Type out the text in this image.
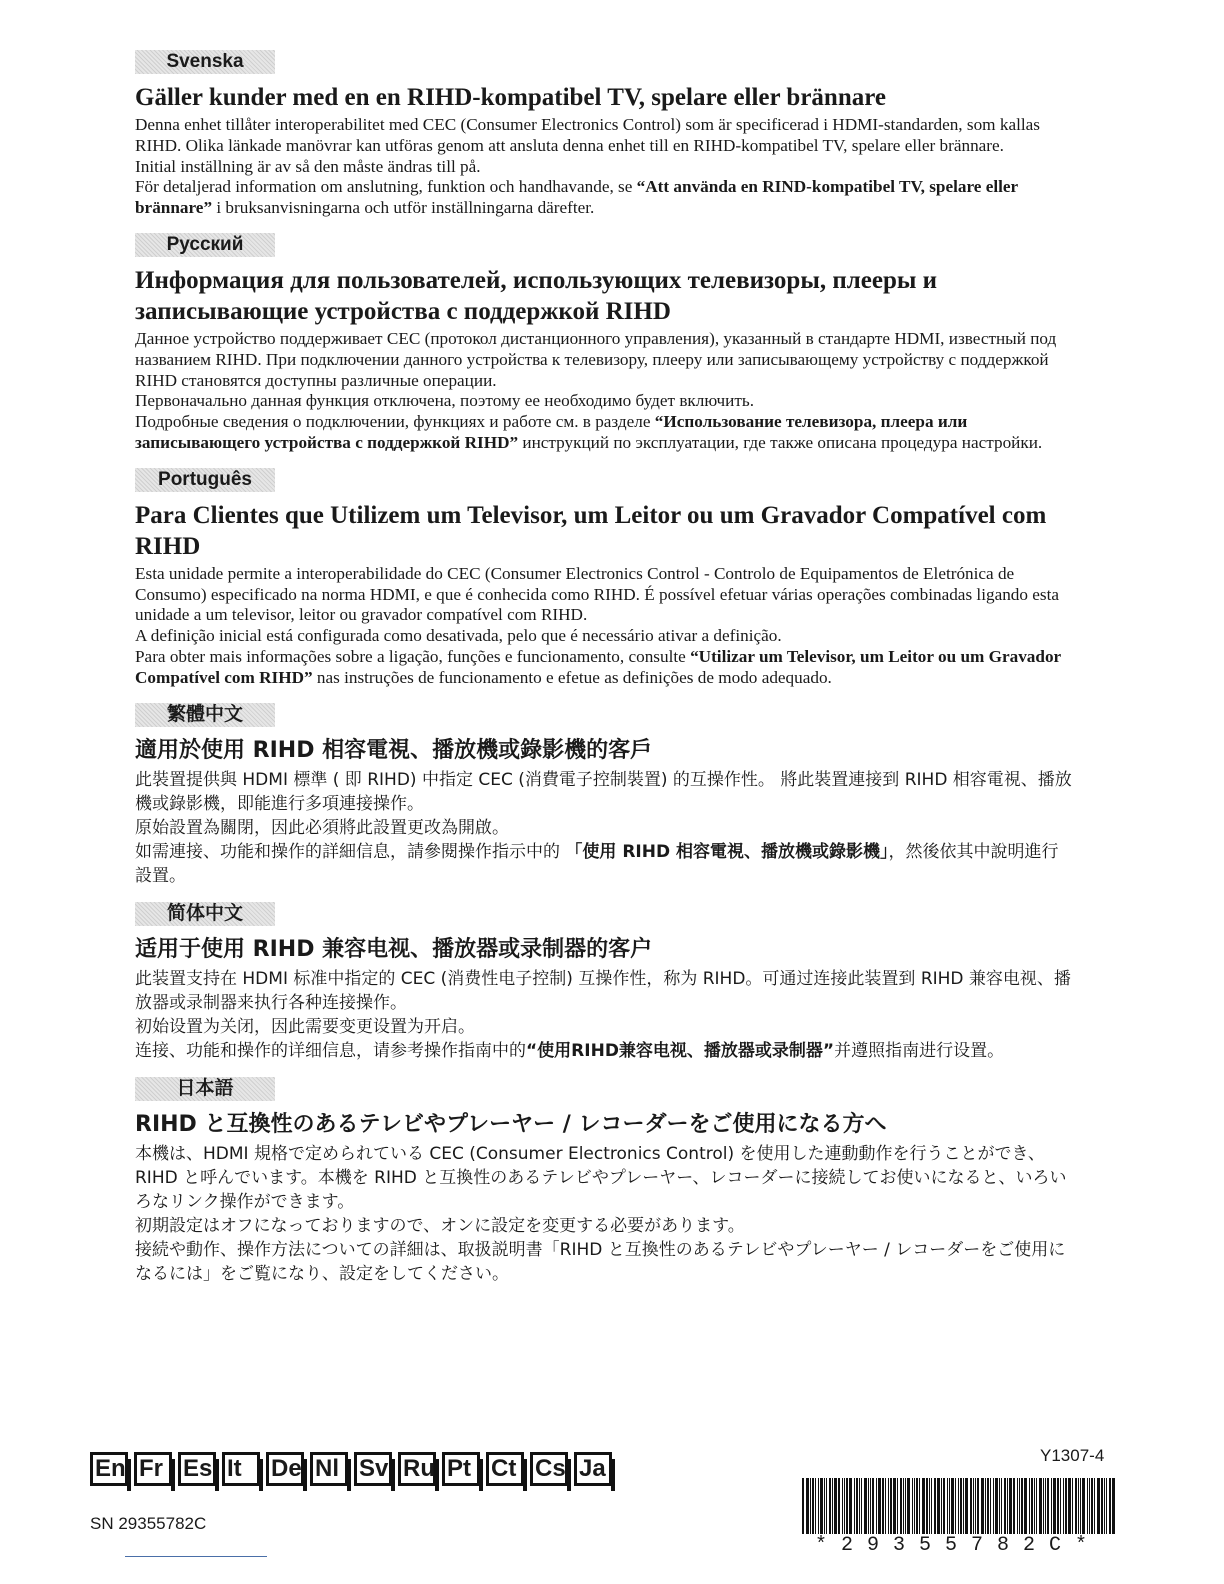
Svenska
Gäller kunder med en en RIHD-kompatibel TV, spelare eller brännare

Denna enhet tillåter interoperabilitet med CEC (Consumer Electronics Control) som är specificerad i HDMI-standarden, som kallas RIHD. Olika länkade manövrar kan utföras genom att ansluta denna enhet till en RIHD-kompatibel TV, spelare eller brännare.

Initial inställning är av så den måste ändras till på.

För detaljerad information om anslutning, funktion och handhavande, se “Att använda en RIND-kompatibel TV, spelare eller brännare” i bruksanvisningarna och utför inställningarna därefter.

Русский
Информация для пользователей, использующих телевизоры, плееры и записывающие устройства с поддержкой RIHD

Данное устройство поддерживает CEC (протокол дистанционного управления), указанный в стандарте HDMI, известный под названием RIHD. При подключении данного устройства к телевизору, плееру или записывающему устройству с поддержкой RIHD становятся доступны различные операции.

Первоначально данная функция отключена, поэтому ее необходимо будет включить.

Подробные сведения о подключении, функциях и работе см. в разделе “Использование телевизора, плеера или записывающего устройства с поддержкой RIHD” инструкций по эксплуатации, где также описана процедура настройки.

Português
Para Clientes que Utilizem um Televisor, um Leitor ou um Gravador Compatível com RIHD

Esta unidade permite a interoperabilidade do CEC (Consumer Electronics Control - Controlo de Equipamentos de Eletrónica de Consumo) especificado na norma HDMI, e que é conhecida como RIHD. É possível efetuar várias operações combinadas ligando esta unidade a um televisor, leitor ou gravador compatível com RIHD.

A definição inicial está configurada como desativada, pelo que é necessário ativar a definição.

Para obter mais informações sobre a ligação, funções e funcionamento, consulte “Utilizar um Televisor, um Leitor ou um Gravador Compatível com RIHD” nas instruções de funcionamento e efetue as definições de modo adequado.

繁體中文
適用於使用 RIHD 相容電視、播放機或錄影機的客戶

此裝置提供與 HDMI 標準 ( 即 RIHD) 中指定 CEC (消費電子控制裝置) 的互操作性。 將此裝置連接到 RIHD 相容電視、播放機或錄影機，即能進行多項連接操作。

原始設置為關閉，因此必須將此設置更改為開啟。

如需連接、功能和操作的詳細信息，請參閱操作指示中的 「使用 RIHD 相容電視、播放機或錄影機」，然後依其中說明進行設置。

简体中文
适用于使用 RIHD 兼容电视、播放器或录制器的客户

此装置支持在 HDMI 标准中指定的 CEC (消费性电子控制) 互操作性，称为 RIHD。可通过连接此装置到 RIHD 兼容电视、播放器或录制器来执行各种连接操作。

初始设置为关闭，因此需要变更设置为开启。

连接、功能和操作的详细信息，请参考操作指南中的“使用RIHD兼容电视、播放器或录制器”并遵照指南进行设置。

日本語
RIHD と互換性のあるテレビやプレーヤー / レコーダーをご使用になる方へ

本機は、HDMI 規格で定められている CEC (Consumer Electronics Control) を使用した連動動作を行うことができ、RIHD と呼んでいます。本機を RIHD と互換性のあるテレビやプレーヤー、レコーダーに接続してお使いになると、いろいろなリンク操作ができます。

初期設定はオフになっておりますので、オンに設定を変更する必要があります。

接続や動作、操作方法についての詳細は、取扱説明書「RIHD と互換性のあるテレビやプレーヤー / レコーダーをご使用になるには」をご覧になり、設定をしてください。

En Fr Es It	De Nl Sv Ru Pt Ct Cs Ja
SN 29355782C
Y1307-4
*29355782C*
